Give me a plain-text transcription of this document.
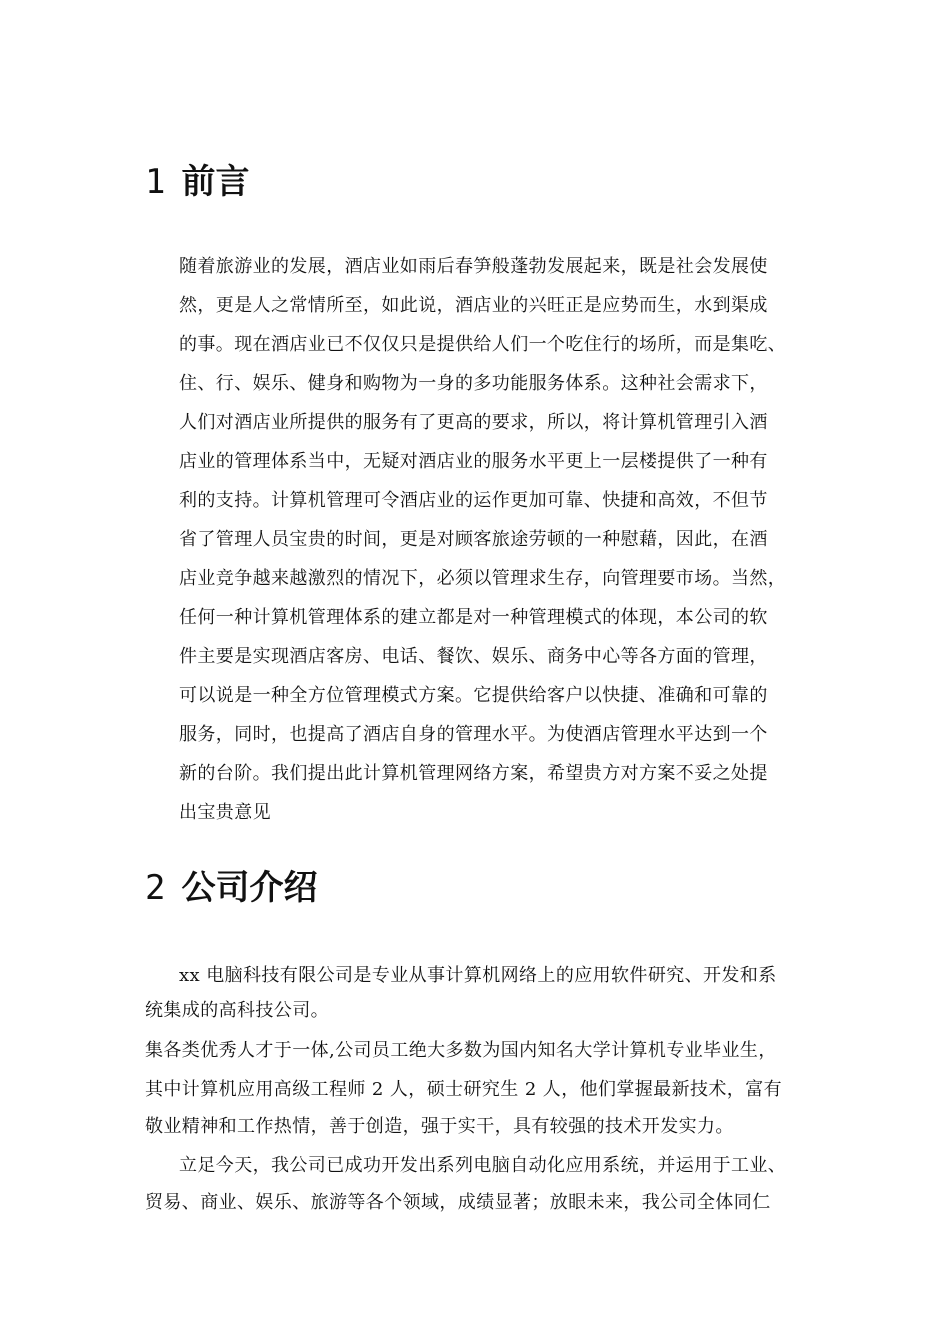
1 前言

随着旅游业的发展，酒店业如雨后春笋般蓬勃发展起来，既是社会发展使

然，更是人之常情所至，如此说，酒店业的兴旺正是应势而生，水到渠成

的事。现在酒店业已不仅仅只是提供给人们一个吃住行的场所，而是集吃、

住、行、娱乐、健身和购物为一身的多功能服务体系。这种社会需求下，

人们对酒店业所提供的服务有了更高的要求，所以，将计算机管理引入酒

店业的管理体系当中，无疑对酒店业的服务水平更上一层楼提供了一种有

利的支持。计算机管理可令酒店业的运作更加可靠、快捷和高效，不但节

省了管理人员宝贵的时间，更是对顾客旅途劳顿的一种慰藉，因此，在酒

店业竞争越来越激烈的情况下，必须以管理求生存，向管理要市场。当然，

任何一种计算机管理体系的建立都是对一种管理模式的体现，本公司的软

件主要是实现酒店客房、电话、餐饮、娱乐、商务中心等各方面的管理，

可以说是一种全方位管理模式方案。它提供给客户以快捷、准确和可靠的

服务，同时，也提高了酒店自身的管理水平。为使酒店管理水平达到一个

新的台阶。我们提出此计算机管理网络方案，希望贵方对方案不妥之处提

出宝贵意见

2 公司介绍

xx 电脑科技有限公司是专业从事计算机网络上的应用软件研究、开发和系

统集成的高科技公司。

集各类优秀人才于一体,公司员工绝大多数为国内知名大学计算机专业毕业生，

其中计算机应用高级工程师 2 人，硕士研究生 2 人，他们掌握最新技术，富有

敬业精神和工作热情，善于创造，强于实干，具有较强的技术开发实力。

立足今天，我公司已成功开发出系列电脑自动化应用系统，并运用于工业、

贸易、商业、娱乐、旅游等各个领域，成绩显著；放眼未来，我公司全体同仁
